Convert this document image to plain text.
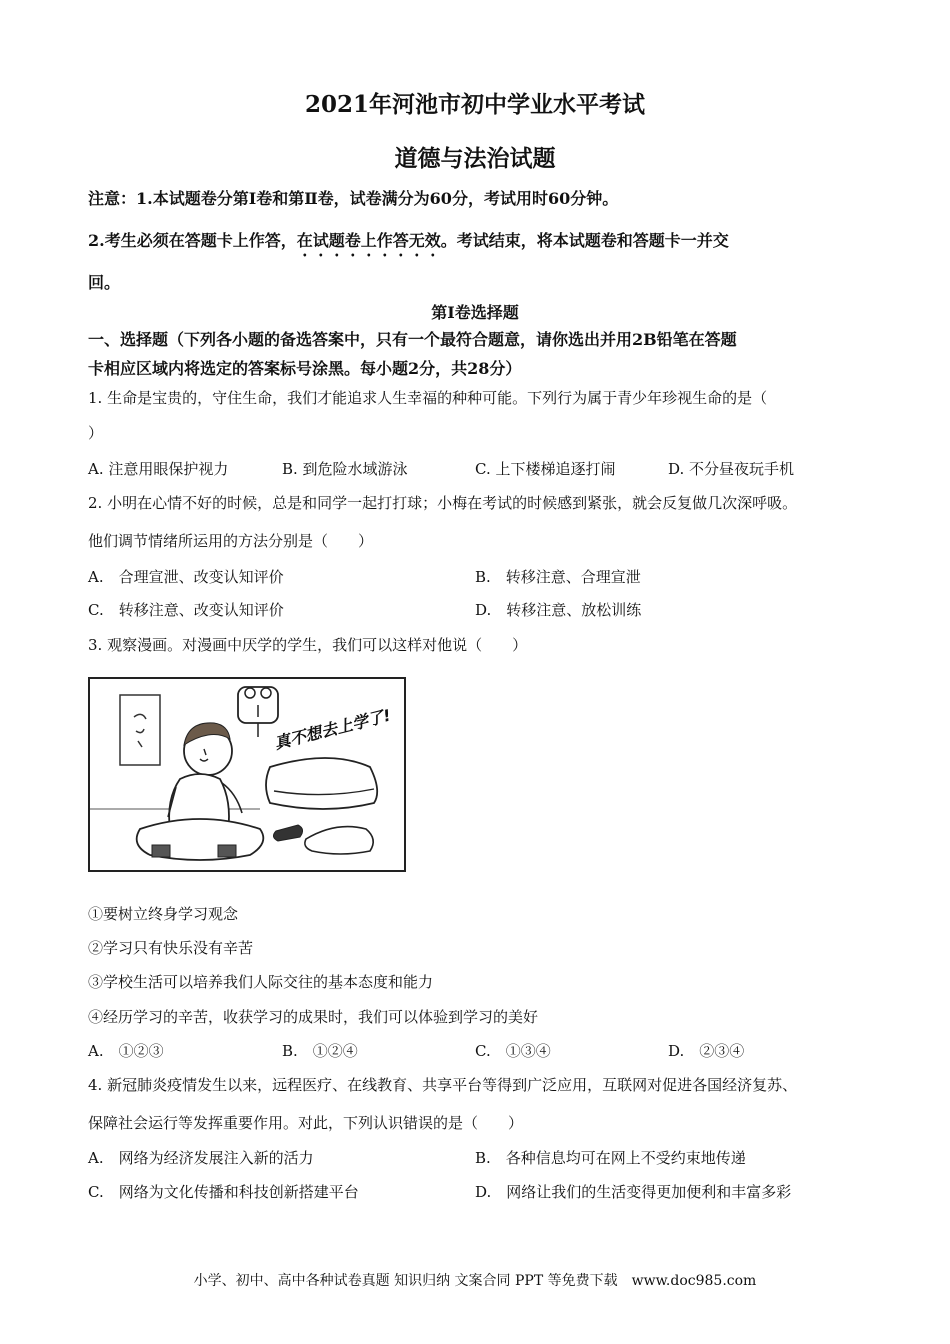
2021年河池市初中学业水平考试
道德与法治试题
注意：1.本试题卷分第Ⅰ卷和第Ⅱ卷，试卷满分为60分，考试用时60分钟。
2.考生必须在答题卡上作答，在试题卷上作答无效。考试结束，将本试题卷和答题卡一并交
回。
第Ⅰ卷选择题
一、选择题（下列各小题的备选答案中，只有一个最符合题意，请你选出并用2B铅笔在答题
卡相应区域内将选定的答案标号涂黑。每小题2分，共28分）
1. 生命是宝贵的，守住生命，我们才能追求人生幸福的种种可能。下列行为属于青少年珍视生命的是（
）
A. 注意用眼保护视力	B. 到危险水域游泳	C. 上下楼梯追逐打闹	D. 不分昼夜玩手机
2. 小明在心情不好的时候，总是和同学一起打打球；小梅在考试的时候感到紧张，就会反复做几次深呼吸。
他们调节情绪所运用的方法分别是（　　）
A.　合理宣泄、改变认知评价	B.　转移注意、合理宣泄
C.　转移注意、改变认知评价	D.　转移注意、放松训练
3. 观察漫画。对漫画中厌学的学生，我们可以这样对他说（　　）
真不想去上学了!
①要树立终身学习观念
②学习只有快乐没有辛苦
③学校生活可以培养我们人际交往的基本态度和能力
④经历学习的辛苦，收获学习的成果时，我们可以体验到学习的美好
A.　①②③	B.　①②④	C.　①③④	D.　②③④
4. 新冠肺炎疫情发生以来，远程医疗、在线教育、共享平台等得到广泛应用，互联网对促进各国经济复苏、
保障社会运行等发挥重要作用。对此，下列认识错误的是（　　）
A.　网络为经济发展注入新的活力	B.　各种信息均可在网上不受约束地传递
C.　网络为文化传播和科技创新搭建平台	D.　网络让我们的生活变得更加便利和丰富多彩
小学、初中、高中各种试卷真题 知识归纳 文案合同 PPT 等免费下载　www.doc985.com
